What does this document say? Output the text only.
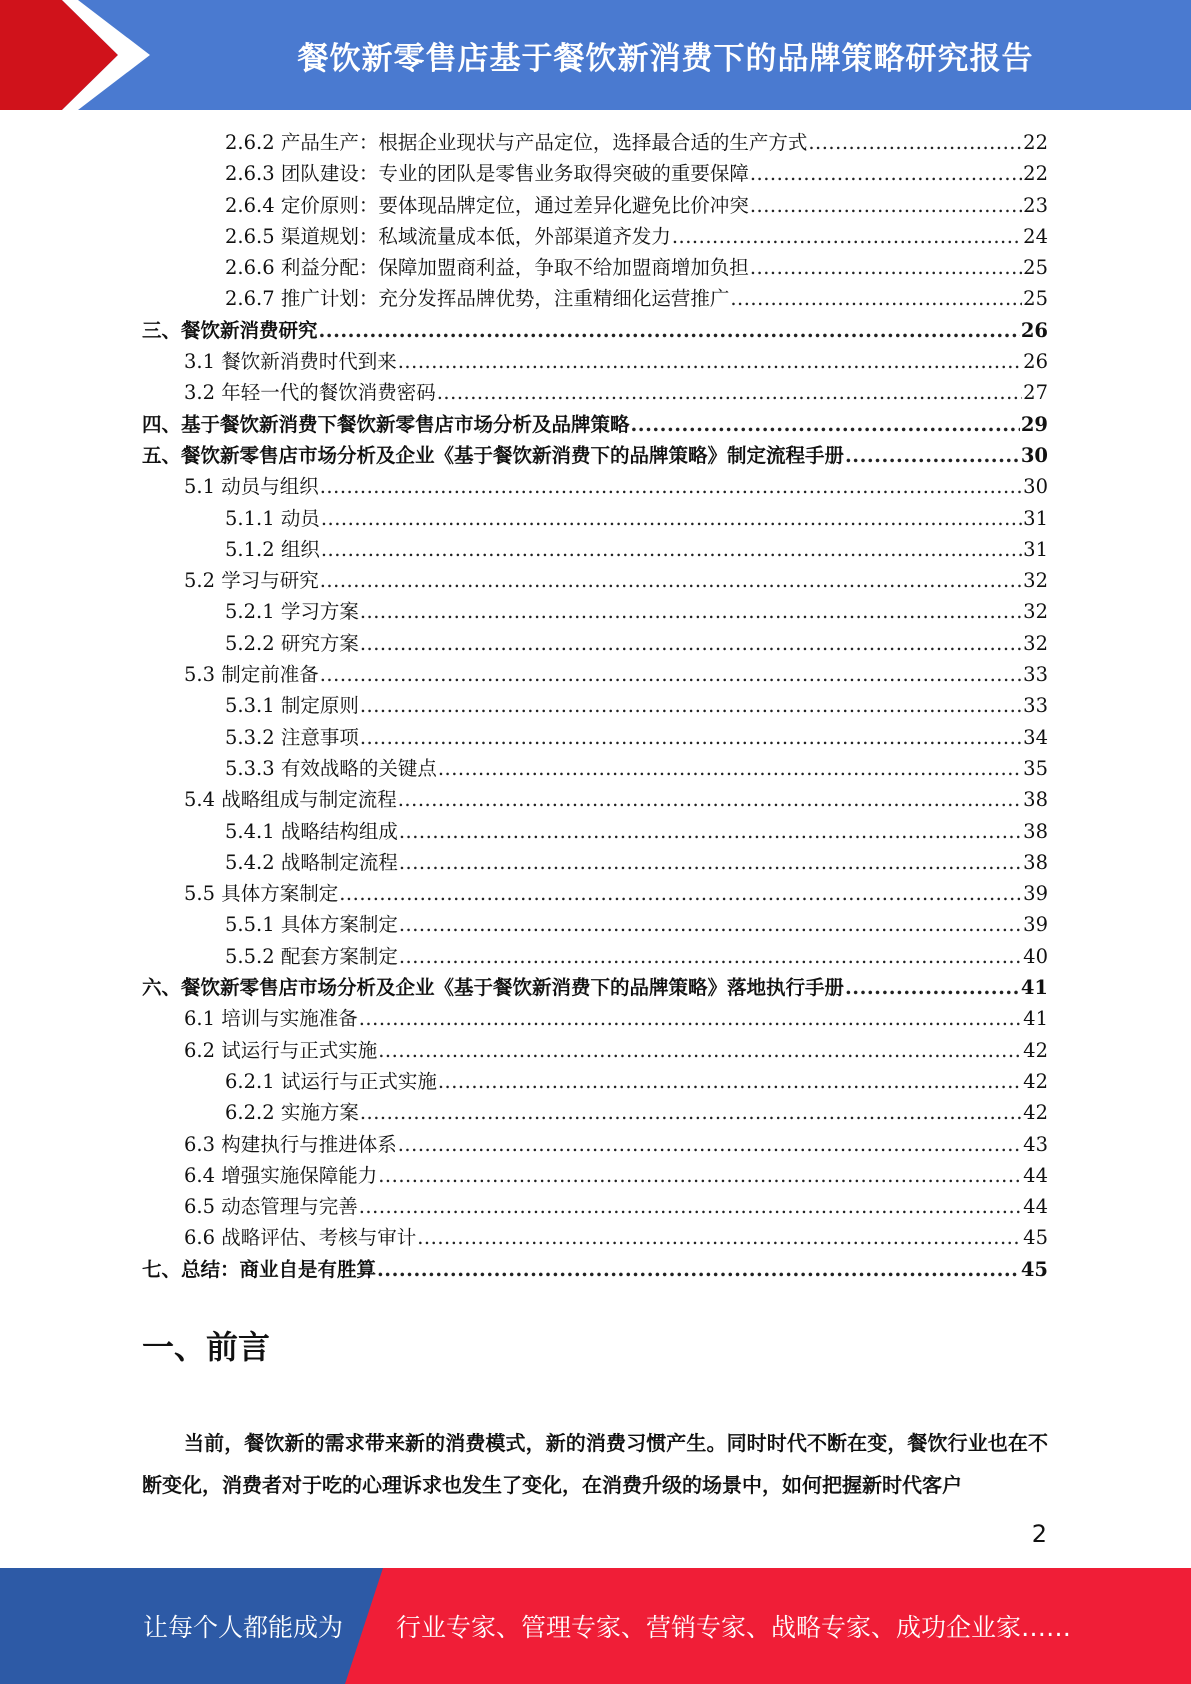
餐饮新零售店基于餐饮新消费下的品牌策略研究报告
2.6.2 产品生产：根据企业现状与产品定位，选择最合适的生产方式 .....	22
2.6.3 团队建设：专业的团队是零售业务取得突破的重要保障 .....	22
2.6.4 定价原则：要体现品牌定位，通过差异化避免比价冲突 .....	23
2.6.5 渠道规划：私域流量成本低，外部渠道齐发力 .....	24
2.6.6 利益分配：保障加盟商利益，争取不给加盟商增加负担 .....	25
2.6.7 推广计划：充分发挥品牌优势，注重精细化运营推广 .....	25
三、餐饮新消费研究 .....	26
3.1 餐饮新消费时代到来 .....	26
3.2 年轻一代的餐饮消费密码 .....	27
四、基于餐饮新消费下餐饮新零售店市场分析及品牌策略 .....	29
五、餐饮新零售店市场分析及企业《基于餐饮新消费下的品牌策略》制定流程手册 .....	30
5.1 动员与组织 .....	30
5.1.1 动员 .....	31
5.1.2 组织 .....	31
5.2 学习与研究 .....	32
5.2.1 学习方案 .....	32
5.2.2 研究方案 .....	32
5.3 制定前准备 .....	33
5.3.1 制定原则 .....	33
5.3.2 注意事项 .....	34
5.3.3 有效战略的关键点 .....	35
5.4 战略组成与制定流程 .....	38
5.4.1 战略结构组成 .....	38
5.4.2 战略制定流程 .....	38
5.5 具体方案制定 .....	39
5.5.1 具体方案制定 .....	39
5.5.2 配套方案制定 .....	40
六、餐饮新零售店市场分析及企业《基于餐饮新消费下的品牌策略》落地执行手册 .....	41
6.1 培训与实施准备 .....	41
6.2 试运行与正式实施 .....	42
6.2.1 试运行与正式实施 .....	42
6.2.2 实施方案 .....	42
6.3 构建执行与推进体系 .....	43
6.4 增强实施保障能力 .....	44
6.5 动态管理与完善 .....	44
6.6 战略评估、考核与审计 .....	45
七、总结：商业自是有胜算 .....	45
一、前言
当前，餐饮新的需求带来新的消费模式，新的消费习惯产生。同时时代不断在变，餐饮行业也在不断变化，消费者对于吃的心理诉求也发生了变化，在消费升级的场景中，如何把握新时代客户
2
让每个人都能成为 行业专家、管理专家、营销专家、战略专家、成功企业家……
